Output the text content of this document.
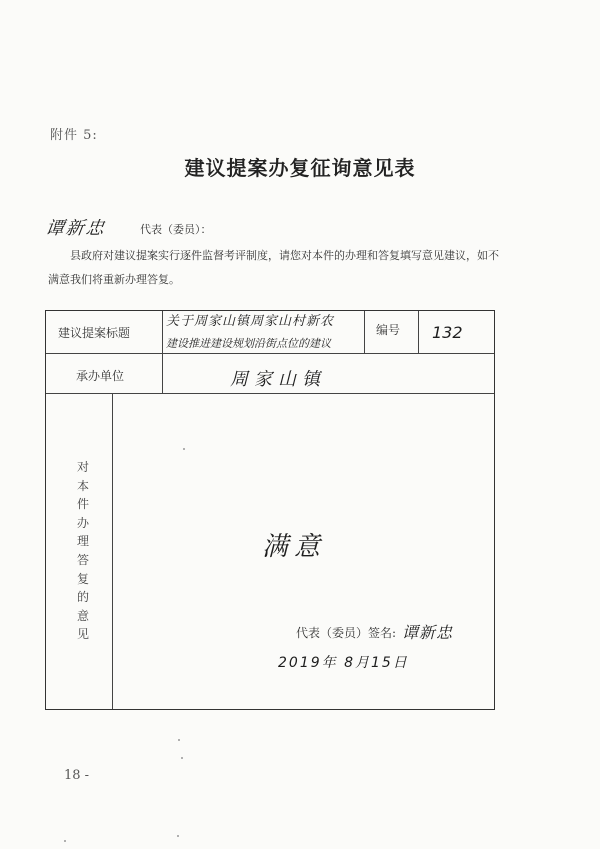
附件 5:
建议提案办复征询意见表
谭新忠	代表（委员）：
县政府对建议提案实行逐件监督考评制度，请您对本件的办理和答复填写意见建议，如不满意我们将重新办理答复。
建议提案标题
关于周家山镇周家山村新农
建设推进建设规划沿街点位的建议
编号 132
承办单位	周家山镇
对
本
件
办
理
答
复
的
意
见
满意
代表（委员）签名: 谭新忠
2019年 8月15日
18 -
